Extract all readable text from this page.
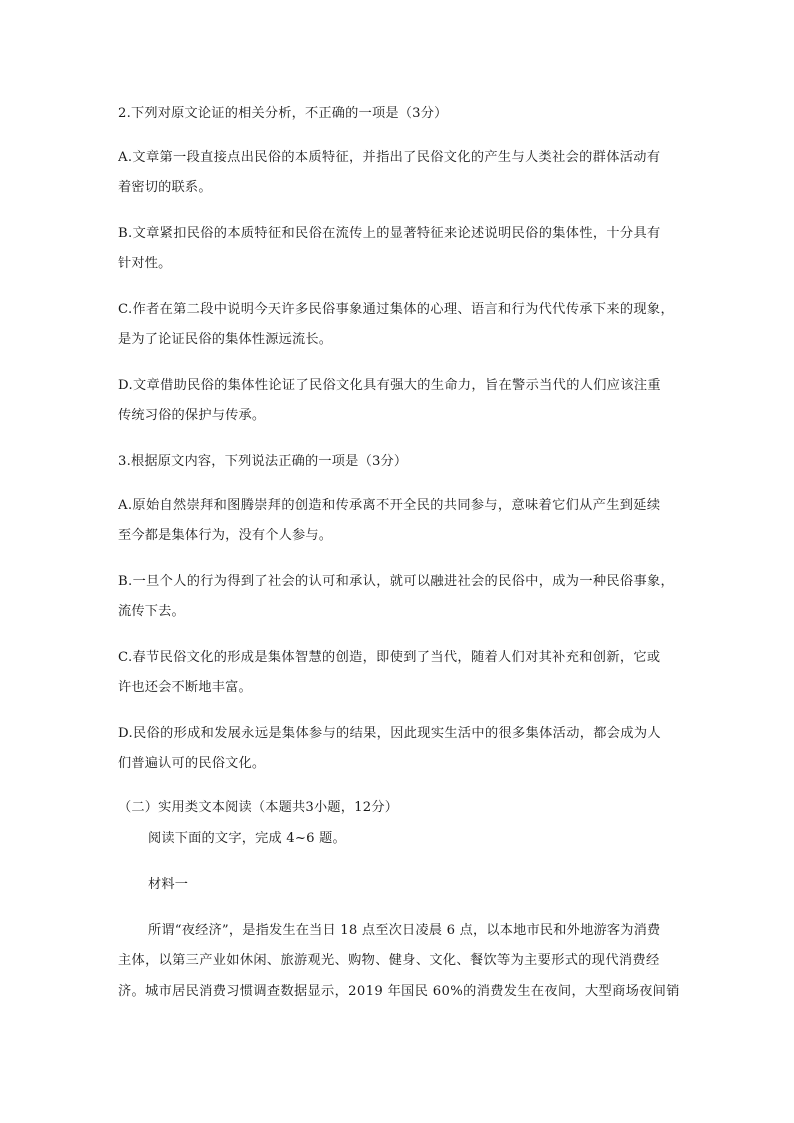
2.下列对原文论证的相关分析，不正确的一项是（3分）
A.文章第一段直接点出民俗的本质特征，并指出了民俗文化的产生与人类社会的群体活动有
着密切的联系。
B.文章紧扣民俗的本质特征和民俗在流传上的显著特征来论述说明民俗的集体性，十分具有
针对性。
C.作者在第二段中说明今天许多民俗事象通过集体的心理、语言和行为代代传承下来的现象，
是为了论证民俗的集体性源远流长。
D.文章借助民俗的集体性论证了民俗文化具有强大的生命力，旨在警示当代的人们应该注重
传统习俗的保护与传承。
3.根据原文内容，下列说法正确的一项是（3分）
A.原始自然崇拜和图腾崇拜的创造和传承离不开全民的共同参与，意味着它们从产生到延续
至今都是集体行为，没有个人参与。
B.一旦个人的行为得到了社会的认可和承认，就可以融进社会的民俗中，成为一种民俗事象，
流传下去。
C.春节民俗文化的形成是集体智慧的创造，即使到了当代，随着人们对其补充和创新，它或
许也还会不断地丰富。
D.民俗的形成和发展永远是集体参与的结果，因此现实生活中的很多集体活动，都会成为人
们普遍认可的民俗文化。
（二）实用类文本阅读（本题共3小题，12分）
阅读下面的文字，完成 4~6 题。
材料一
所谓“夜经济”，是指发生在当日 18 点至次日凌晨 6 点，以本地市民和外地游客为消费
主体，以第三产业如休闲、旅游观光、购物、健身、文化、餐饮等为主要形式的现代消费经
济。城市居民消费习惯调查数据显示，2019 年国民 60%的消费发生在夜间，大型商场夜间销
